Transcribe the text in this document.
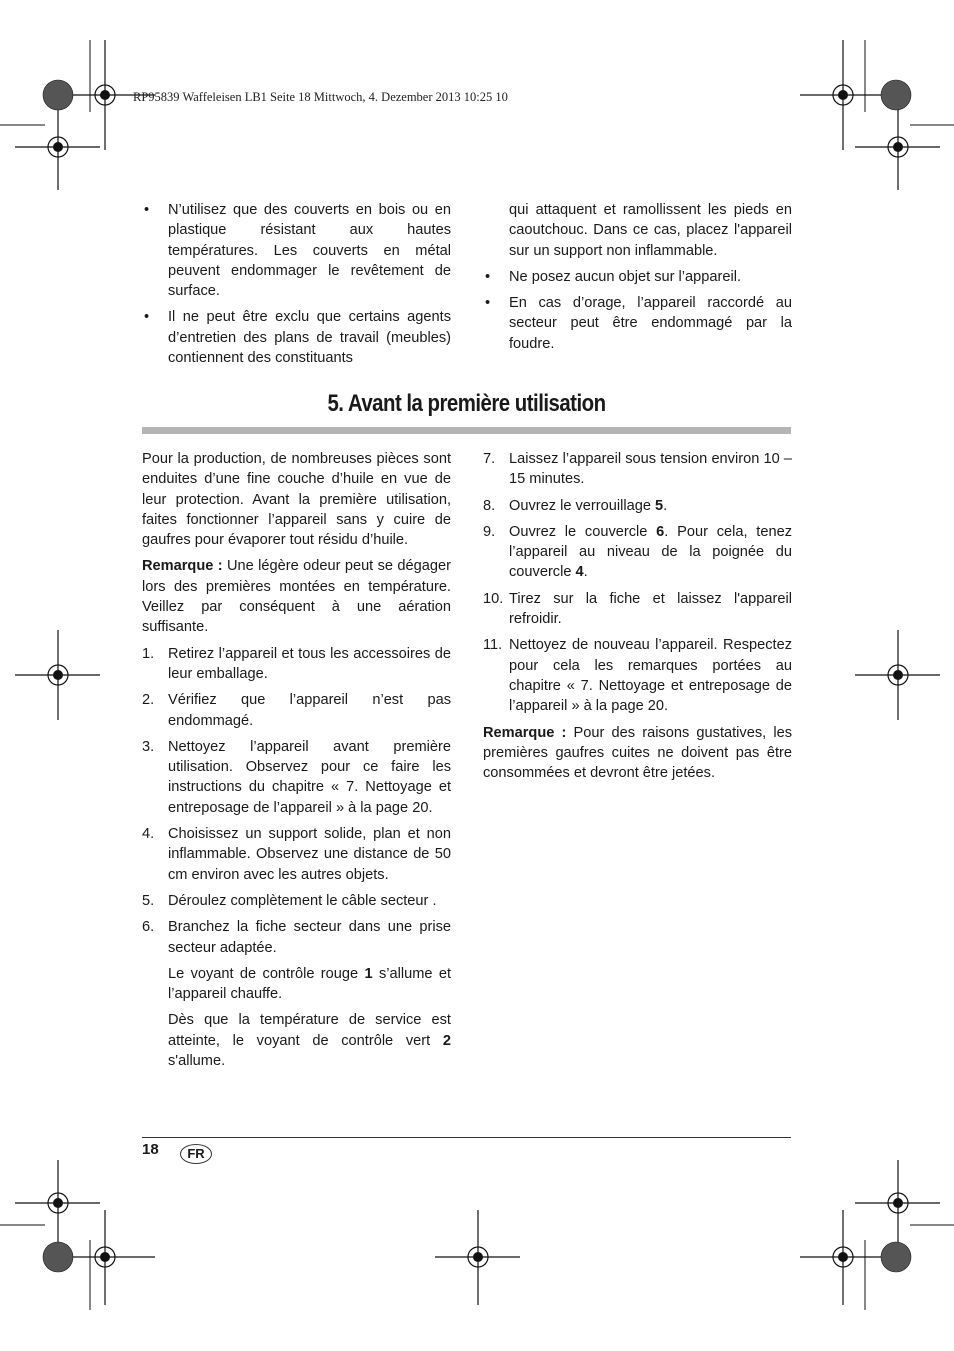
RP95839 Waffeleisen LB1 Seite 18 Mittwoch, 4. Dezember 2013 10:25 10
• N’utilisez que des couverts en bois ou en plastique résistant aux hautes températures. Les couverts en métal peuvent endommager le revêtement de surface.
• Il ne peut être exclu que certains agents d’entretien des plans de travail (meubles) contiennent des constituants
qui attaquent et ramollissent les pieds en caoutchouc. Dans ce cas, placez l'appareil sur un support non inflammable.
• Ne posez aucun objet sur l’appareil.
• En cas d’orage, l’appareil raccordé au secteur peut être endommagé par la foudre.
5. Avant la première utilisation

Pour la production, de nombreuses pièces sont enduites d’une fine couche d’huile en vue de leur protection. Avant la première utilisation, faites fonctionner l’appareil sans y cuire de gaufres pour évaporer tout résidu d’huile.

Remarque : Une légère odeur peut se dégager lors des premières montées en température. Veillez par conséquent à une aération suffisante.

1. Retirez l’appareil et tous les accessoires de leur emballage.
2. Vérifiez que l’appareil n’est pas endommagé.
3. Nettoyez l’appareil avant première utilisation. Observez pour ce faire les instructions du chapitre « 7. Nettoyage et entreposage de l’appareil » à la page 20.
4. Choisissez un support solide, plan et non inflammable. Observez une distance de 50 cm environ avec les autres objets.
5. Déroulez complètement le câble secteur .
6. Branchez la fiche secteur dans une prise secteur adaptée.
Le voyant de contrôle rouge 1 s’allume et l’appareil chauffe.
Dès que la température de service est atteinte, le voyant de contrôle vert 2 s'allume.
7. Laissez l’appareil sous tension environ 10 – 15 minutes.
8. Ouvrez le verrouillage 5.
9. Ouvrez le couvercle 6. Pour cela, tenez l’appareil au niveau de la poignée du couvercle 4.
10. Tirez sur la fiche et laissez l'appareil refroidir.
11. Nettoyez de nouveau l’appareil. Respectez pour cela les remarques portées au chapitre « 7. Nettoyage et entreposage de l’appareil » à la page 20.

Remarque : Pour des raisons gustatives, les premières gaufres cuites ne doivent pas être consommées et devront être jetées.

18	FR
